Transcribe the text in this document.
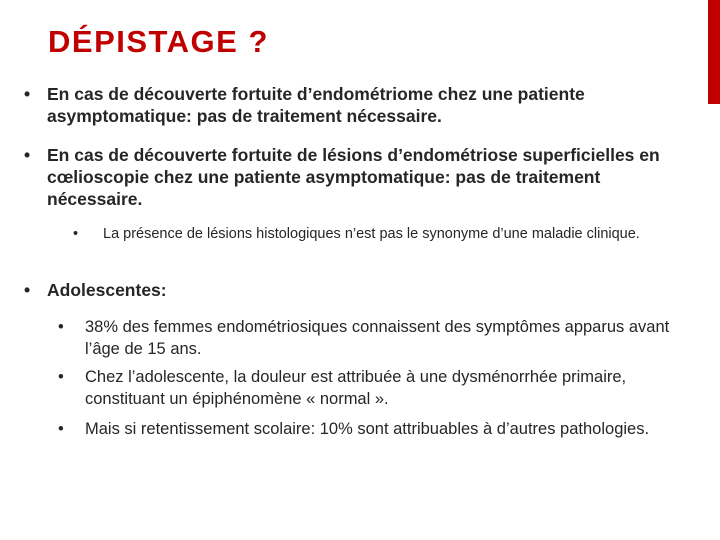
DÉPISTAGE ?

• En cas de découverte fortuite d’endométriome chez une patiente asymptomatique: pas de traitement nécessaire.

• En cas de découverte fortuite de lésions d’endométriose superficielles en cœlioscopie chez une patiente asymptomatique: pas de traitement nécessaire.

• La présence de lésions histologiques n’est pas le synonyme d’une maladie clinique.

• Adolescentes:

• 38% des femmes endométriosiques connaissent des symptômes apparus avant l’âge de 15 ans.

• Chez l’adolescente, la douleur est attribuée à une dysménorrhée primaire, constituant un épiphénomène « normal ».

• Mais si retentissement scolaire: 10% sont attribuables à d’autres pathologies.
